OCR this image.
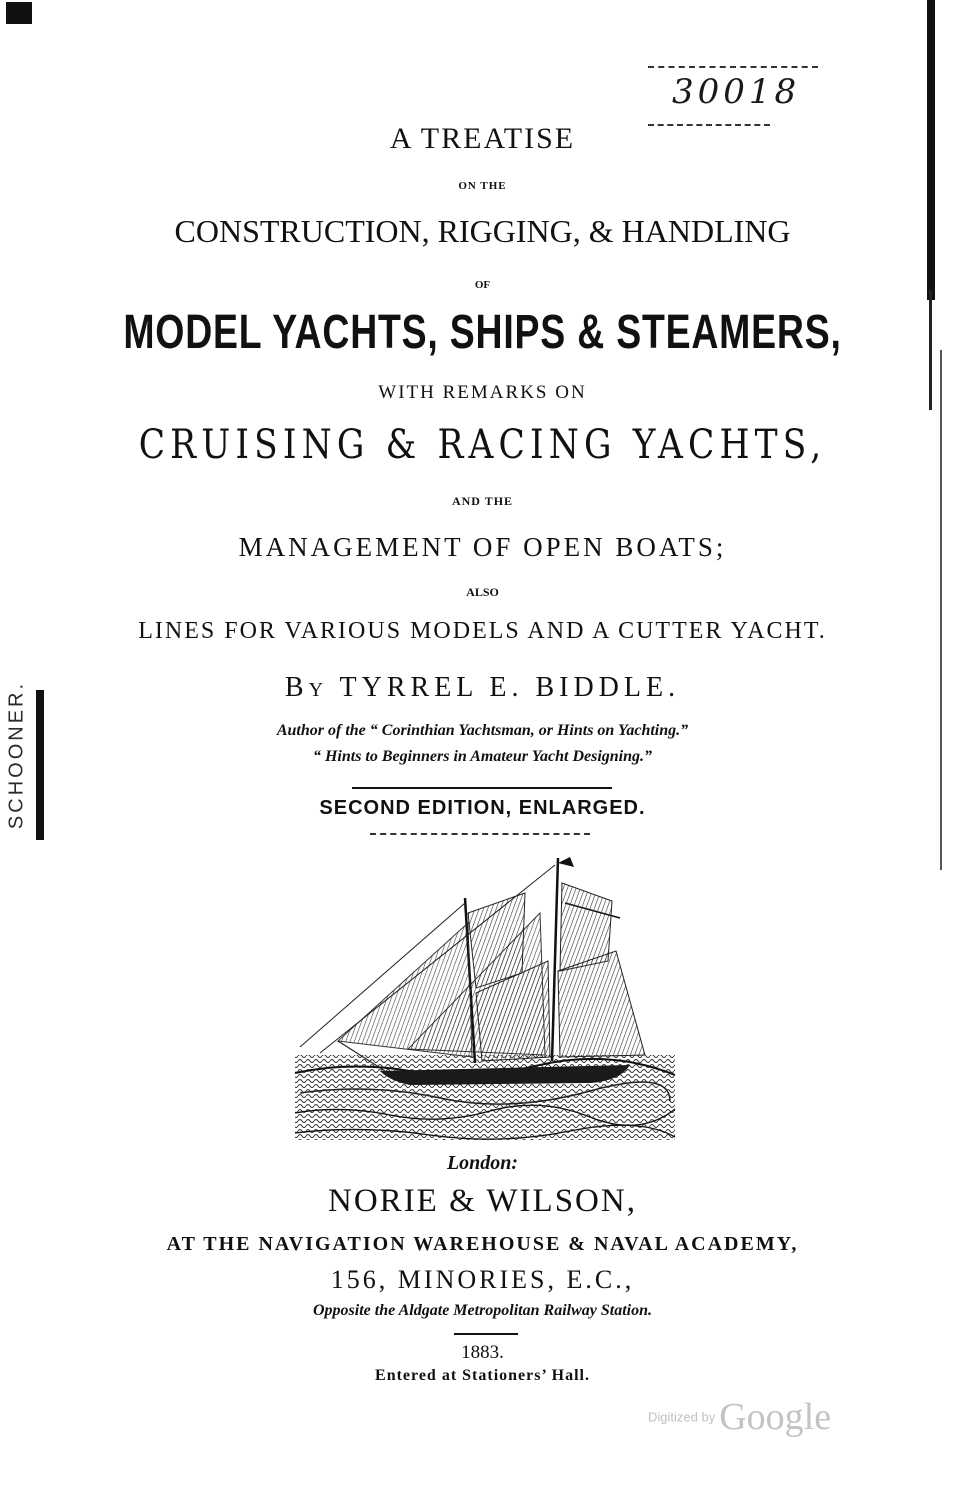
SCHOONER.
30018
A TREATISE
ON THE
CONSTRUCTION, RIGGING, & HANDLING
OF
MODEL YACHTS, SHIPS & STEAMERS,
WITH REMARKS ON
CRUISING & RACING YACHTS,
AND THE
MANAGEMENT OF OPEN BOATS;
ALSO
LINES FOR VARIOUS MODELS AND A CUTTER YACHT.
BY TYRREL E. BIDDLE.
Author of the “ Corinthian Yachtsman, or Hints on Yachting.”
“ Hints to Beginners in Amateur Yacht Designing.”
SECOND EDITION, ENLARGED.
London:
NORIE & WILSON,
AT THE NAVIGATION WAREHOUSE & NAVAL ACADEMY,
156, MINORIES, E.C.,
Opposite the Aldgate Metropolitan Railway Station.
1883.
Entered at Stationers’ Hall.
Digitized by Google
